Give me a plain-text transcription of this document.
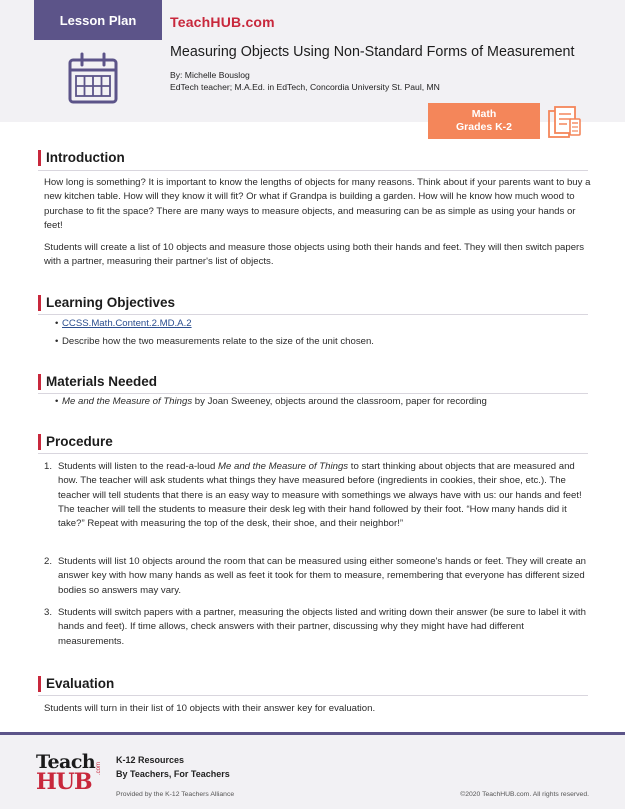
Lesson Plan	TeachHUB.com
Measuring Objects Using Non-Standard Forms of Measurement
By: Michelle Bouslog
EdTech teacher; M.A.Ed. in EdTech, Concordia University St. Paul, MN
Math
Grades K-2
Introduction
How long is something? It is important to know the lengths of objects for many reasons. Think about if your parents want to buy a new kitchen table. How will they know it will fit? Or what if Grandpa is building a garden. How will he know how much wood to purchase to fit the space? There are many ways to measure objects, and measuring can be as simple as using your hands or feet!
Students will create a list of 10 objects and measure those objects using both their hands and feet. They will then switch papers with a partner, measuring their partner's list of objects.
Learning Objectives
• CCSS.Math.Content.2.MD.A.2
• Describe how the two measurements relate to the size of the unit chosen.
Materials Needed
• Me and the Measure of Things by Joan Sweeney, objects around the classroom, paper for recording
Procedure
1. Students will listen to the read-a-loud Me and the Measure of Things to start thinking about objects that are measured and how. The teacher will ask students what things they have measured before (ingredients in cookies, their shoe, etc.). The teacher will tell students that there is an easy way to measure with somethings we always have with us: our hands and feet! The teacher will tell the students to measure their desk leg with their hand followed by their foot. “How many hands did it take?” Repeat with measuring the top of the desk, their shoe, and their neighbor!”
2. Students will list 10 objects around the room that can be measured using either someone's hands or feet. They will create an answer key with how many hands as well as feet it took for them to measure, remembering that everyone has different sized bodies so answers may vary.
3. Students will switch papers with a partner, measuring the objects listed and writing down their answer (be sure to label it with hands and feet). If time allows, check answers with their partner, discussing why they might have had different measurements.
Evaluation
Students will turn in their list of 10 objects with their answer key for evaluation.
Teach
HUB
.com
K-12 Resources
By Teachers, For Teachers
Provided by the K-12 Teachers Alliance	©2020 TeachHUB.com. All rights reserved.
